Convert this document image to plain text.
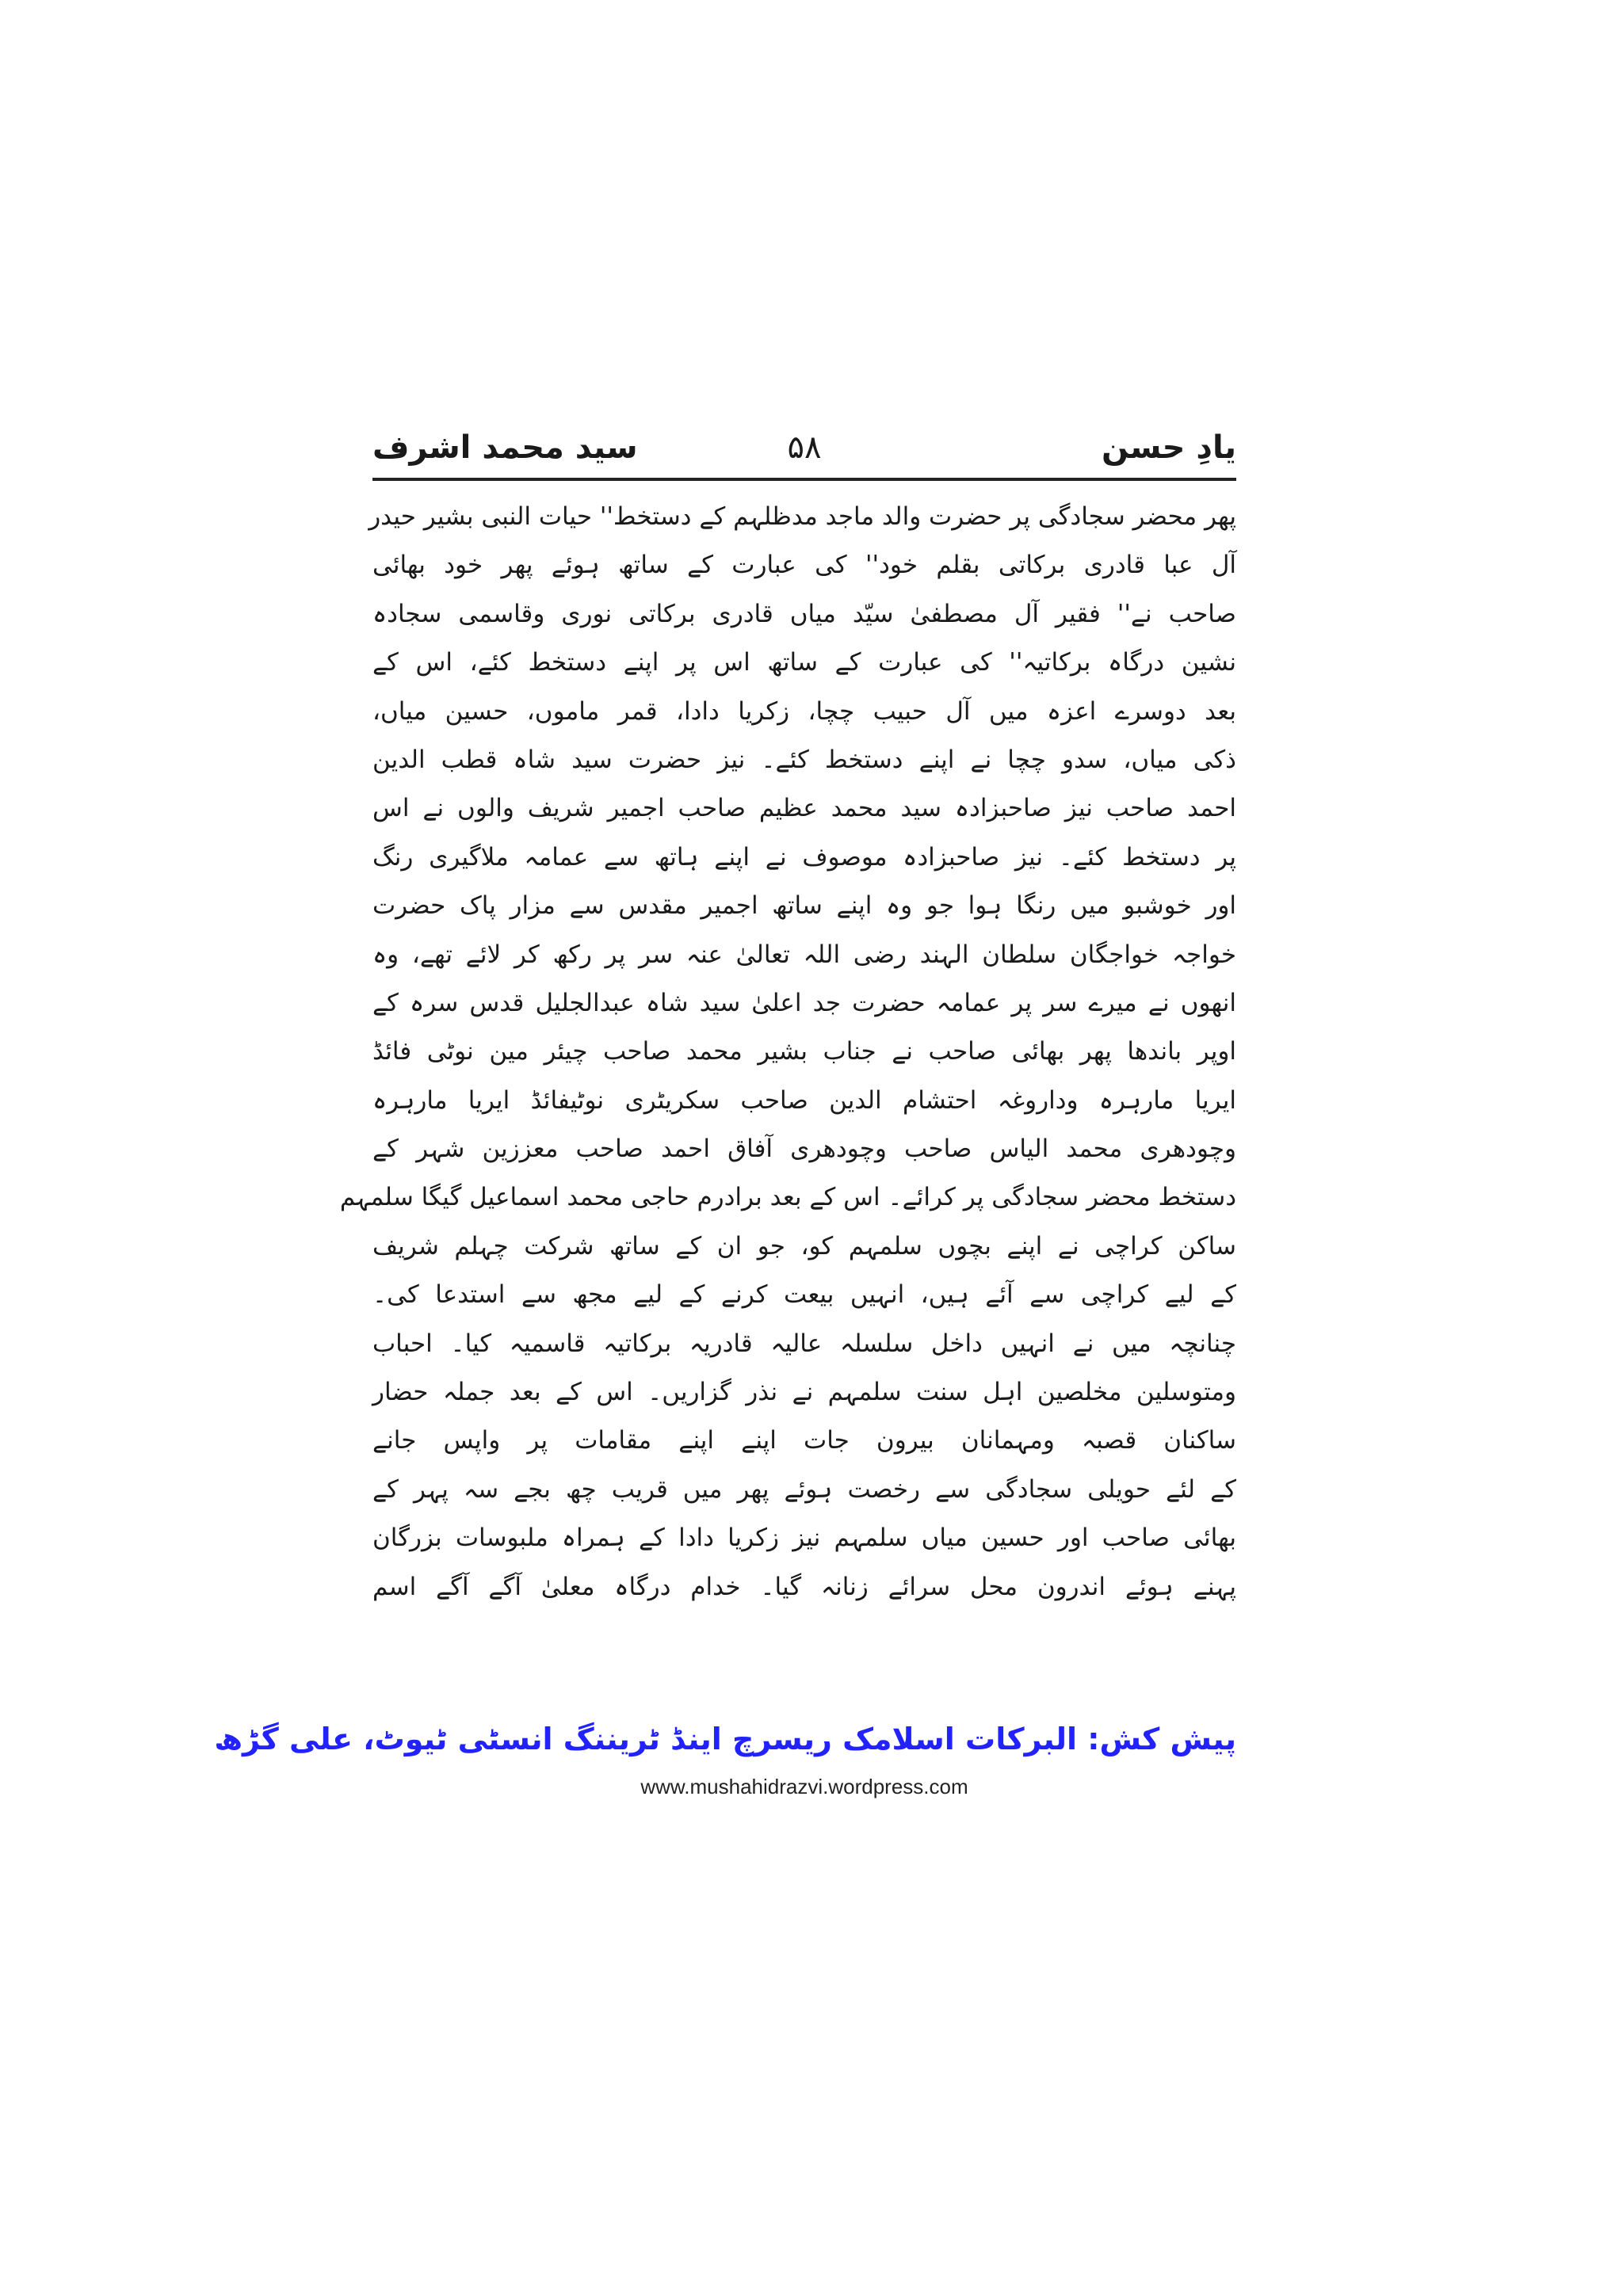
یادِ حسن
۵۸
سید محمد اشرف
پھر محضر سجادگی پر حضرت والد ماجد مدظلہم کے دستخط'' حیات النبی بشیر حیدر
آل عبا قادری برکاتی بقلم خود'' کی عبارت کے ساتھ ہوئے پھر خود بھائی
صاحب نے'' فقیر آل مصطفیٰ سیّد میاں قادری برکاتی نوری وقاسمی سجادہ
نشین درگاہ برکاتیہ'' کی عبارت کے ساتھ اس پر اپنے دستخط کئے، اس کے
بعد دوسرے اعزہ میں آل حبیب چچا، زکریا دادا، قمر ماموں، حسین میاں،
ذکی میاں، سدو چچا نے اپنے دستخط کئے۔ نیز حضرت سید شاہ قطب الدین
احمد صاحب نیز صاحبزادہ سید محمد عظیم صاحب اجمیر شریف والوں نے اس
پر دستخط کئے۔ نیز صاحبزادہ موصوف نے اپنے ہاتھ سے عمامہ ملاگیری رنگ
اور خوشبو میں رنگا ہوا جو وہ اپنے ساتھ اجمیر مقدس سے مزار پاک حضرت
خواجہ خواجگان سلطان الہند رضی اللہ تعالیٰ عنہ سر پر رکھ کر لائے تھے، وہ
انھوں نے میرے سر پر عمامہ حضرت جد اعلیٰ سید شاہ عبدالجلیل قدس سرہ کے
اوپر باندھا پھر بھائی صاحب نے جناب بشیر محمد صاحب چیئر مین نوٹی فائڈ
ایریا مارہرہ وداروغہ احتشام الدین صاحب سکریٹری نوٹیفائڈ ایریا مارہرہ
وچودھری محمد الیاس صاحب وچودھری آفاق احمد صاحب معززین شہر کے
دستخط محضر سجادگی پر کرائے۔ اس کے بعد برادرم حاجی محمد اسماعیل گیگا سلمہم
ساکن کراچی نے اپنے بچوں سلمہم کو، جو ان کے ساتھ شرکت چہلم شریف
کے لیے کراچی سے آئے ہیں، انہیں بیعت کرنے کے لیے مجھ سے استدعا کی۔
چنانچہ میں نے انہیں داخل سلسلہ عالیہ قادریہ برکاتیہ قاسمیہ کیا۔ احباب
ومتوسلین مخلصین اہل سنت سلمہم نے نذر گزاریں۔ اس کے بعد جملہ حضار
ساکنان قصبہ ومہمانان بیرون جات اپنے اپنے مقامات پر واپس جانے
کے لئے حویلی سجادگی سے رخصت ہوئے پھر میں قریب چھ بجے سہ پہر کے
بھائی صاحب اور حسین میاں سلمہم نیز زکریا دادا کے ہمراہ ملبوسات بزرگان
پہنے ہوئے اندرون محل سرائے زنانہ گیا۔ خدام درگاہ معلیٰ آگے آگے اسم
پیش کش: البرکات اسلامک ریسرچ اینڈ ٹریننگ انسٹی ٹیوٹ، علی گڑھ
www.mushahidrazvi.wordpress.com
